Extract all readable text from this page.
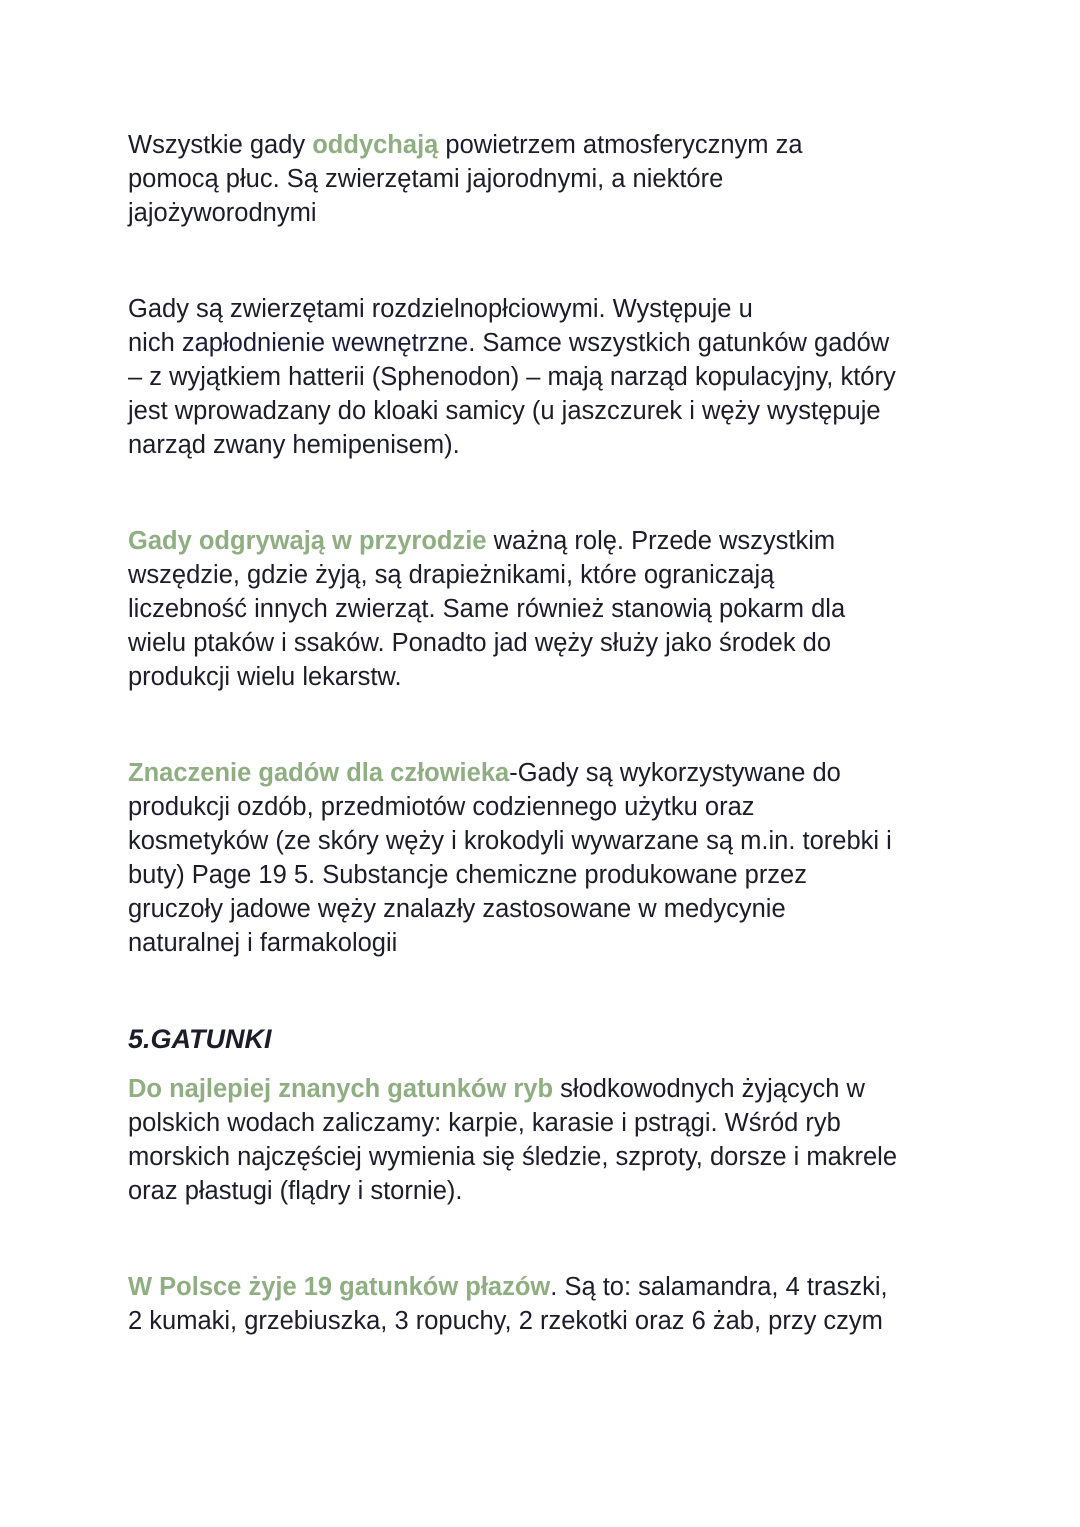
Wszystkie gady oddychają powietrzem atmosferycznym za
pomocą płuc. Są zwierzętami jajorodnymi, a niektóre
jajożyworodnymi
Gady są zwierzętami rozdzielnopłciowymi. Występuje u
nich zapłodnienie wewnętrzne. Samce wszystkich gatunków gadów
– z wyjątkiem hatterii (Sphenodon) – mają narząd kopulacyjny, który
jest wprowadzany do kloaki samicy (u jaszczurek i węży występuje
narząd zwany hemipenisem).
Gady odgrywają w przyrodzie ważną rolę. Przede wszystkim
wszędzie, gdzie żyją, są drapieżnikami, które ograniczają
liczebność innych zwierząt. Same również stanowią pokarm dla
wielu ptaków i ssaków. Ponadto jad węży służy jako środek do
produkcji wielu lekarstw.
Znaczenie gadów dla człowieka-Gady są wykorzystywane do
produkcji ozdób, przedmiotów codziennego użytku oraz
kosmetyków (ze skóry węży i krokodyli wywarzane są m.in. torebki i
buty) Page 19 5. Substancje chemiczne produkowane przez
gruczoły jadowe węży znalazły zastosowane w medycynie
naturalnej i farmakologii
5.GATUNKI
Do najlepiej znanych gatunków ryb słodkowodnych żyjących w
polskich wodach zaliczamy: karpie, karasie i pstrągi. Wśród ryb
morskich najczęściej wymienia się śledzie, szproty, dorsze i makrele
oraz płastugi (flądry i stornie).
W Polsce żyje 19 gatunków płazów. Są to: salamandra, 4 traszki,
2 kumaki, grzebiuszka, 3 ropuchy, 2 rzekotki oraz 6 żab, przy czym
